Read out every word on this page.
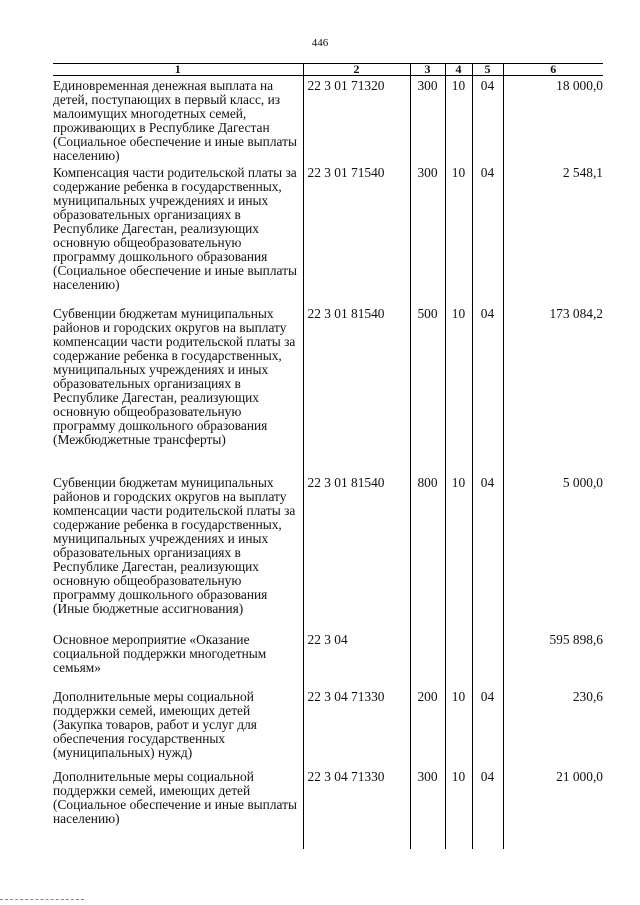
446
1	2	3	4	5	6
Единовременная денежная выплата на детей, поступающих в первый класс, из малоимущих многодетных семей, проживающих в Республике Дагестан (Социальное обеспечение и иные выплаты населению)	22 3 01 71320	300	10	04	18 000,0
Компенсация части родительской платы за содержание ребенка в государственных, муниципальных учреждениях и иных образовательных организациях в Республике Дагестан, реализующих основную общеобразовательную программу дошкольного образования (Социальное обеспечение и иные выплаты населению)	22 3 01 71540	300	10	04	2 548,1
Субвенции бюджетам муниципальных районов и городских округов на выплату компенсации части родительской платы за содержание ребенка в государственных, муниципальных учреждениях и иных образовательных организациях в Республике Дагестан, реализующих основную общеобразовательную программу дошкольного образования (Межбюджетные трансферты)	22 3 01 81540	500	10	04	173 084,2
Субвенции бюджетам муниципальных районов и городских округов на выплату компенсации части родительской платы за содержание ребенка в государственных, муниципальных учреждениях и иных образовательных организациях в Республике Дагестан, реализующих основную общеобразовательную программу дошкольного образования (Иные бюджетные ассигнования)	22 3 01 81540	800	10	04	5 000,0
Основное мероприятие «Оказание социальной поддержки многодетным семьям»	22 3 04				595 898,6
Дополнительные меры социальной поддержки семей, имеющих детей (Закупка товаров, работ и услуг для обеспечения государственных (муниципальных) нужд)	22 3 04 71330	200	10	04	230,6
Дополнительные меры социальной поддержки семей, имеющих детей (Социальное обеспечение и иные выплаты населению)	22 3 04 71330	300	10	04	21 000,0
